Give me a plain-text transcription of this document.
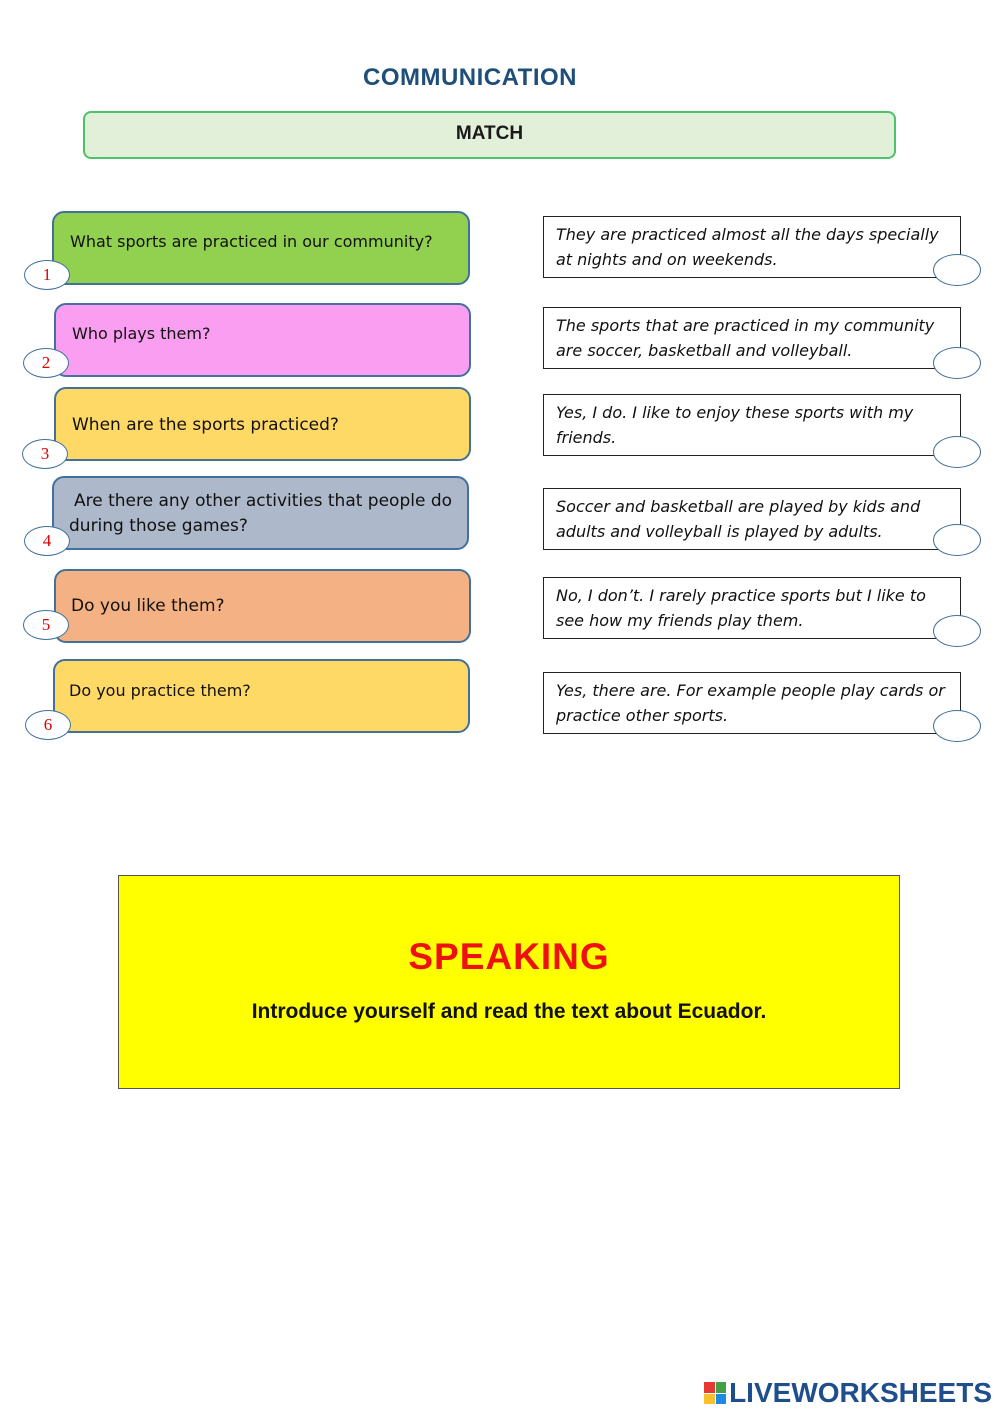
COMMUNICATION
MATCH
What sports are practiced in our community?
1
Who plays them?
2
When are the sports practiced?
3
Are there any other activities that people do
during those games?
4
Do you like them?
5
Do you practice them?
6
They are practiced almost all the days specially
at nights and on weekends.
The sports that are practiced in my community
are soccer, basketball and volleyball.
Yes, I do. I like to enjoy these sports with my
friends.
Soccer and basketball are played by kids and
adults and volleyball is played by adults.
No, I don’t. I rarely practice sports but I like to
see how my friends play them.
Yes, there are. For example people play cards or
practice other sports.
SPEAKING
Introduce yourself and read the text about Ecuador.
LIVEWORKSHEETS
